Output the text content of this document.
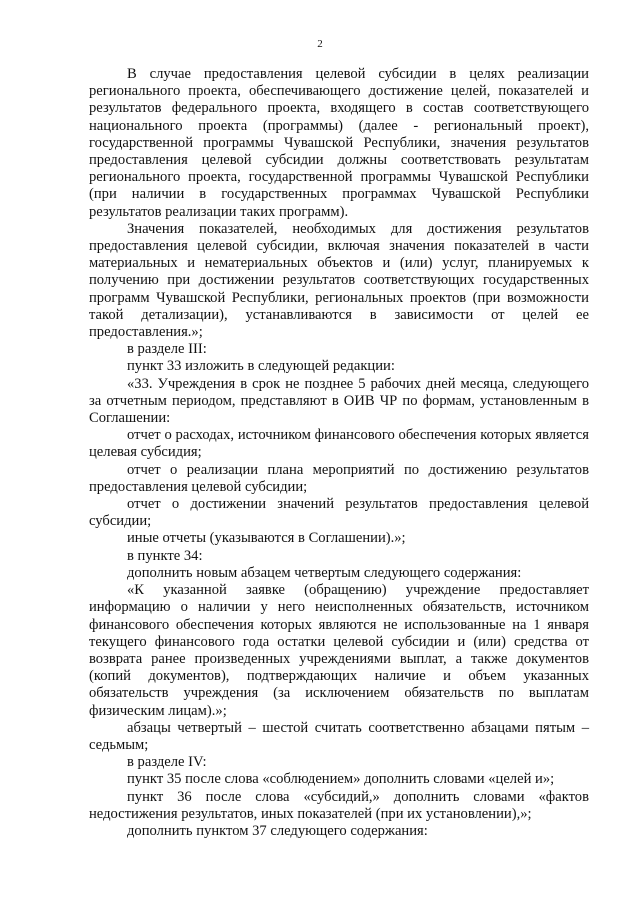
2

В случае предоставления целевой субсидии в целях реализации регионального проекта, обеспечивающего достижение целей, показателей и результатов федерального проекта, входящего в состав соответствующего национального проекта (программы) (далее - региональный проект), государственной программы Чувашской Республики, значения результатов предоставления целевой субсидии должны соответствовать результатам регионального проекта, государственной программы Чувашской Республики (при наличии в государственных программах Чувашской Республики результатов реализации таких программ).

Значения показателей, необходимых для достижения результатов предоставления целевой субсидии, включая значения показателей в части материальных и нематериальных объектов и (или) услуг, планируемых к получению при достижении результатов соответствующих государственных программ Чувашской Республики, региональных проектов (при возможности такой детализации), устанавливаются в зависимости от целей ее предоставления.»;

в разделе III:

пункт 33 изложить в следующей редакции:

«33. Учреждения в срок не позднее 5 рабочих дней месяца, следующего за отчетным периодом, представляют в ОИВ ЧР по формам, установленным в Соглашении:

отчет о расходах, источником финансового обеспечения которых является целевая субсидия;

отчет о реализации плана мероприятий по достижению результатов предоставления целевой субсидии;

отчет о достижении значений результатов предоставления целевой субсидии;

иные отчеты (указываются в Соглашении).»;

в пункте 34:

дополнить новым абзацем четвертым следующего содержания:

«К указанной заявке (обращению) учреждение предоставляет информацию о наличии у него неисполненных обязательств, источником финансового обеспечения которых являются не использованные на 1 января текущего финансового года остатки целевой субсидии и (или) средства от возврата ранее произведенных учреждениями выплат, а также документов (копий документов), подтверждающих наличие и объем указанных обязательств учреждения (за исключением обязательств по выплатам физическим лицам).»;

абзацы четвертый – шестой считать соответственно абзацами пятым – седьмым;

в разделе IV:

пункт 35 после слова «соблюдением» дополнить словами «целей и»;

пункт 36 после слова «субсидий,» дополнить словами «фактов недостижения результатов, иных показателей (при их установлении),»;

дополнить пунктом 37 следующего содержания:
